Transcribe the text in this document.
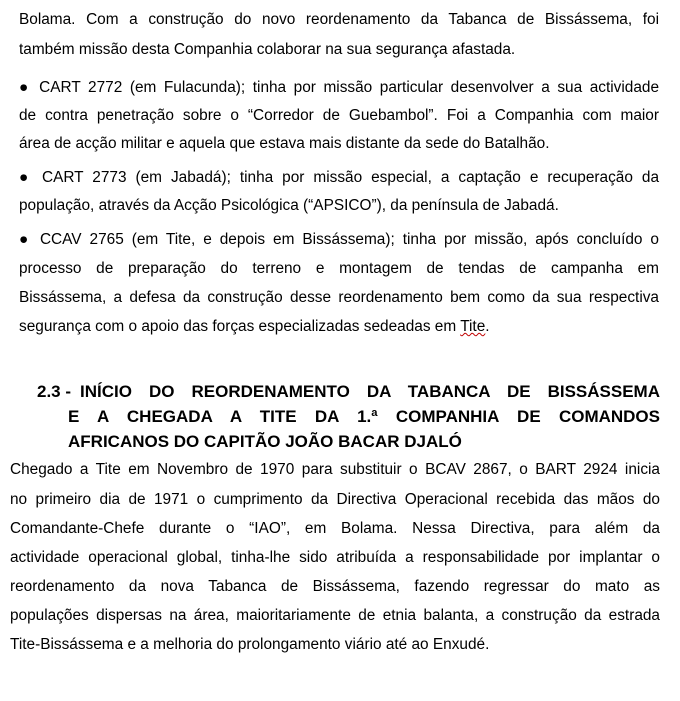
Bolama. Com a construção do novo reordenamento da Tabanca de Bissássema, foi
também missão desta Companhia colaborar na sua segurança afastada.
● CART 2772 (em Fulacunda); tinha por missão particular desenvolver a sua actividade
de contra penetração sobre o “Corredor de Guebambol”. Foi a Companhia com maior
área de acção militar e aquela que estava mais distante da sede do Batalhão.
● CART 2773 (em Jabadá); tinha por missão especial, a captação e recuperação da
população, através da Acção Psicológica (“APSICO”), da península de Jabadá.
● CCAV 2765 (em Tite, e depois em Bissássema); tinha por missão, após concluído o
processo de preparação do terreno e montagem de tendas de campanha em
Bissássema, a defesa da construção desse reordenamento bem como da sua respectiva
segurança com o apoio das forças especializadas sedeadas em Tite.
2.3 - INÍCIO DO REORDENAMENTO DA TABANCA DE BISSÁSSEMA
E A CHEGADA A TITE DA 1.ª COMPANHIA DE COMANDOS
AFRICANOS DO CAPITÃO JOÃO BACAR DJALÓ
Chegado a Tite em Novembro de 1970 para substituir o BCAV 2867, o BART 2924 inicia
no primeiro dia de 1971 o cumprimento da Directiva Operacional recebida das mãos do
Comandante-Chefe durante o “IAO”, em Bolama. Nessa Directiva, para além da
actividade operacional global, tinha-lhe sido atribuída a responsabilidade por implantar o
reordenamento da nova Tabanca de Bissássema, fazendo regressar do mato as
populações dispersas na área, maioritariamente de etnia balanta, a construção da estrada
Tite-Bissássema e a melhoria do prolongamento viário até ao Enxudé.
